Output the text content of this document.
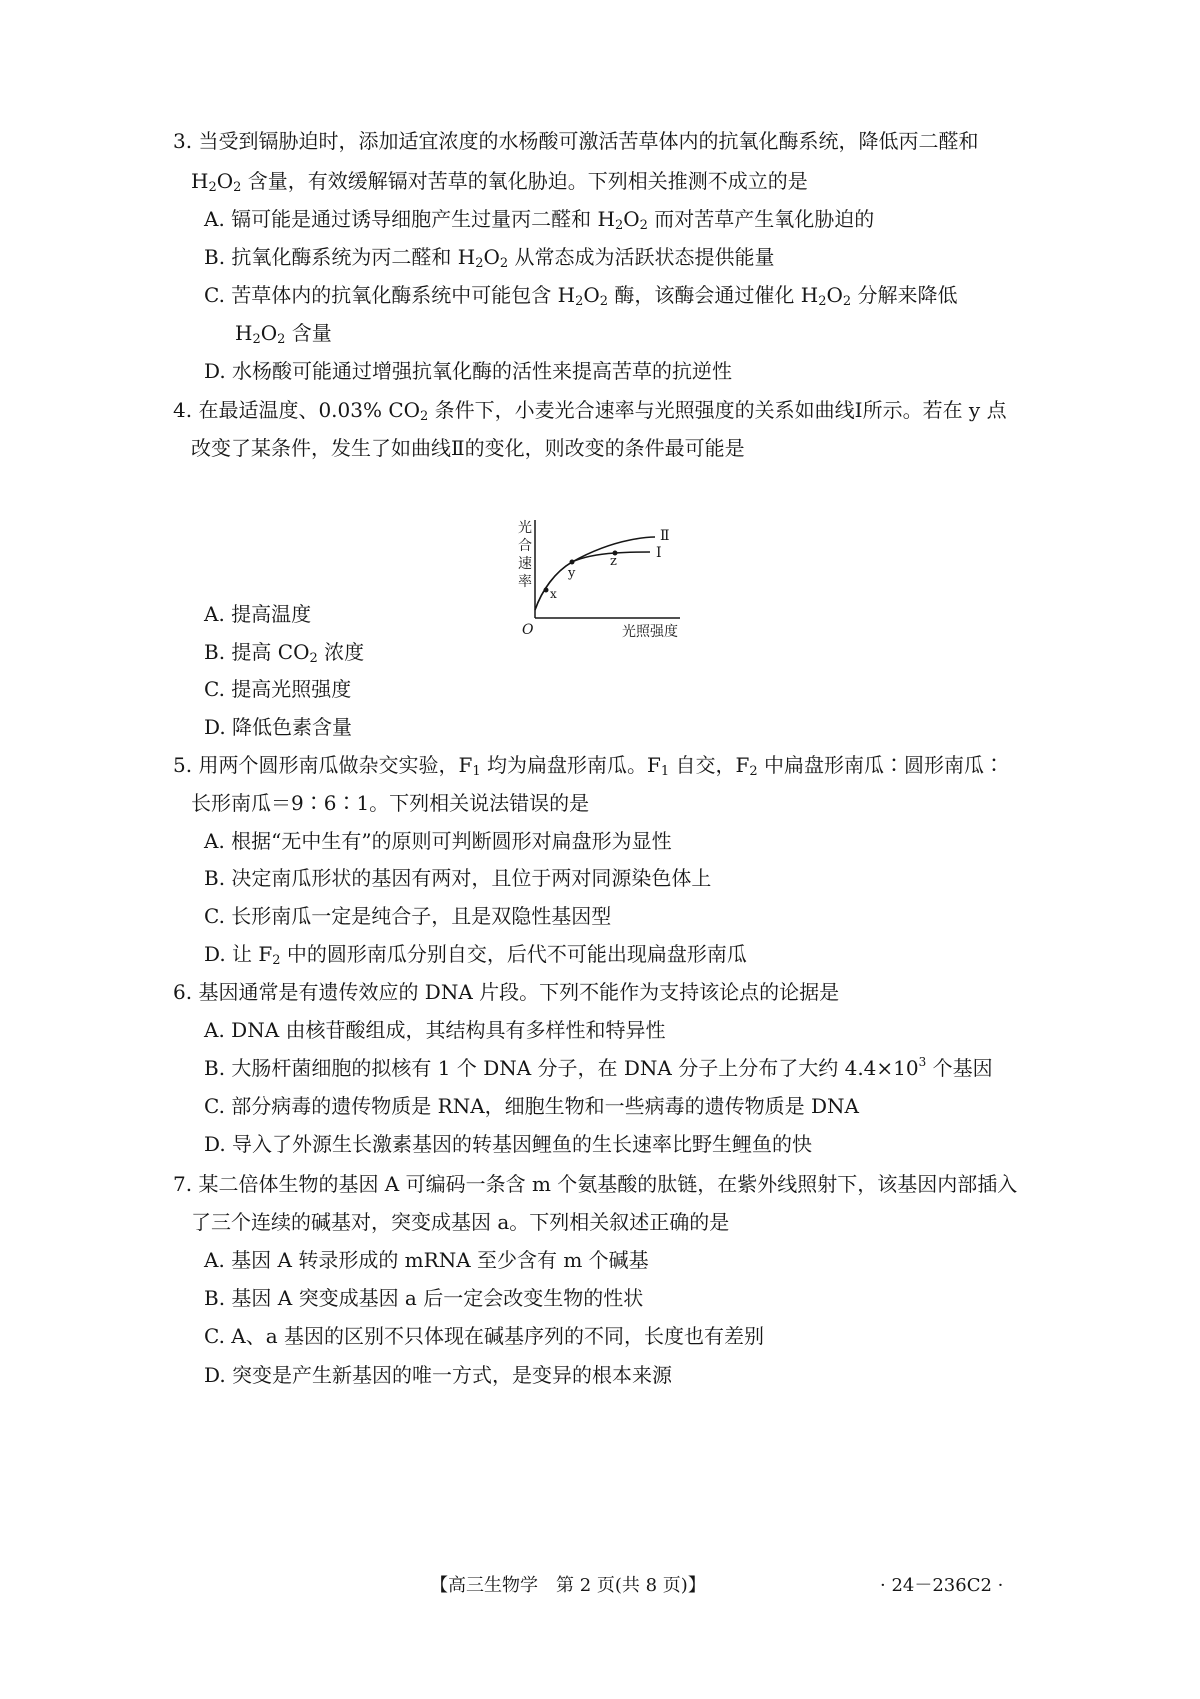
3. 当受到镉胁迫时，添加适宜浓度的水杨酸可激活苦草体内的抗氧化酶系统，降低丙二醛和
$H_2O_2$ 含量，有效缓解镉对苦草的氧化胁迫。下列相关推测不成立的是
A. 镉可能是通过诱导细胞产生过量丙二醛和 $H_2O_2$ 而对苦草产生氧化胁迫的
B. 抗氧化酶系统为丙二醛和 $H_2O_2$ 从常态成为活跃状态提供能量
C. 苦草体内的抗氧化酶系统中可能包含 $H_2O_2$ 酶，该酶会通过催化 $H_2O_2$ 分解来降低
$H_2O_2$ 含量
D. 水杨酸可能通过增强抗氧化酶的活性来提高苦草的抗逆性
4. 在最适温度、0.03% $CO_2$ 条件下，小麦光合速率与光照强度的关系如曲线Ⅰ所示。若在 y 点
改变了某条件，发生了如曲线Ⅱ的变化，则改变的条件最可能是
光
合
速
率
O	光照强度
x
y
z
Ⅱ
Ⅰ
A. 提高温度
B. 提高 $CO_2$ 浓度
C. 提高光照强度
D. 降低色素含量
5. 用两个圆形南瓜做杂交实验，$F_1$ 均为扁盘形南瓜。$F_1$ 自交，$F_2$ 中扁盘形南瓜∶圆形南瓜∶
长形南瓜＝9∶6∶1。下列相关说法错误的是
A. 根据“无中生有”的原则可判断圆形对扁盘形为显性
B. 决定南瓜形状的基因有两对，且位于两对同源染色体上
C. 长形南瓜一定是纯合子，且是双隐性基因型
D. 让 $F_2$ 中的圆形南瓜分别自交，后代不可能出现扁盘形南瓜
6. 基因通常是有遗传效应的 DNA 片段。下列不能作为支持该论点的论据是
A. DNA 由核苷酸组成，其结构具有多样性和特异性
B. 大肠杆菌细胞的拟核有 1 个 DNA 分子，在 DNA 分子上分布了大约 $4.4\times 10^3$ 个基因
C. 部分病毒的遗传物质是 RNA，细胞生物和一些病毒的遗传物质是 DNA
D. 导入了外源生长激素基因的转基因鲤鱼的生长速率比野生鲤鱼的快
7. 某二倍体生物的基因 A 可编码一条含 m 个氨基酸的肽链，在紫外线照射下，该基因内部插入
了三个连续的碱基对，突变成基因 a。下列相关叙述正确的是
A. 基因 A 转录形成的 mRNA 至少含有 m 个碱基
B. 基因 A 突变成基因 a 后一定会改变生物的性状
C. A、a 基因的区别不只体现在碱基序列的不同，长度也有差别
D. 突变是产生新基因的唯一方式，是变异的根本来源
【高三生物学　第 2 页(共 8 页)】	· 24－236C2 ·
